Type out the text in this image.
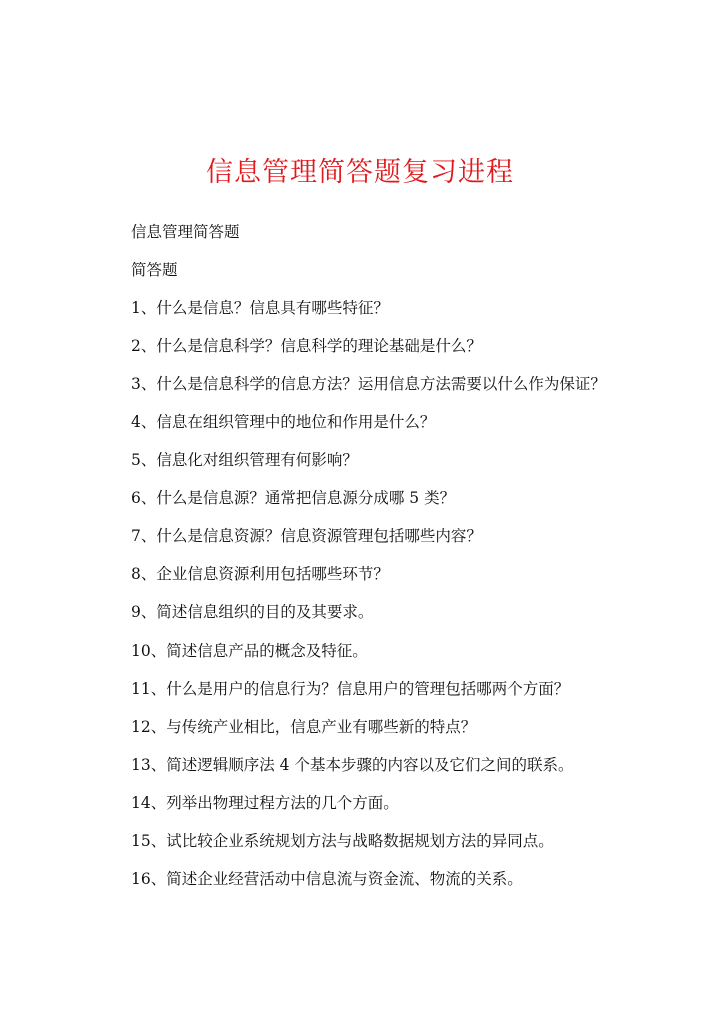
信息管理简答题复习进程
信息管理简答题
简答题
1、什么是信息？信息具有哪些特征？
2、什么是信息科学？信息科学的理论基础是什么？
3、什么是信息科学的信息方法？运用信息方法需要以什么作为保证？
4、信息在组织管理中的地位和作用是什么？
5、信息化对组织管理有何影响？
6、什么是信息源？通常把信息源分成哪 5 类？
7、什么是信息资源？信息资源管理包括哪些内容？
8、企业信息资源利用包括哪些环节？
9、简述信息组织的目的及其要求。
10、简述信息产品的概念及特征。
11、什么是用户的信息行为？信息用户的管理包括哪两个方面？
12、与传统产业相比，信息产业有哪些新的特点？
13、简述逻辑顺序法 4 个基本步骤的内容以及它们之间的联系。
14、列举出物理过程方法的几个方面。
15、试比较企业系统规划方法与战略数据规划方法的异同点。
16、简述企业经营活动中信息流与资金流、物流的关系。
